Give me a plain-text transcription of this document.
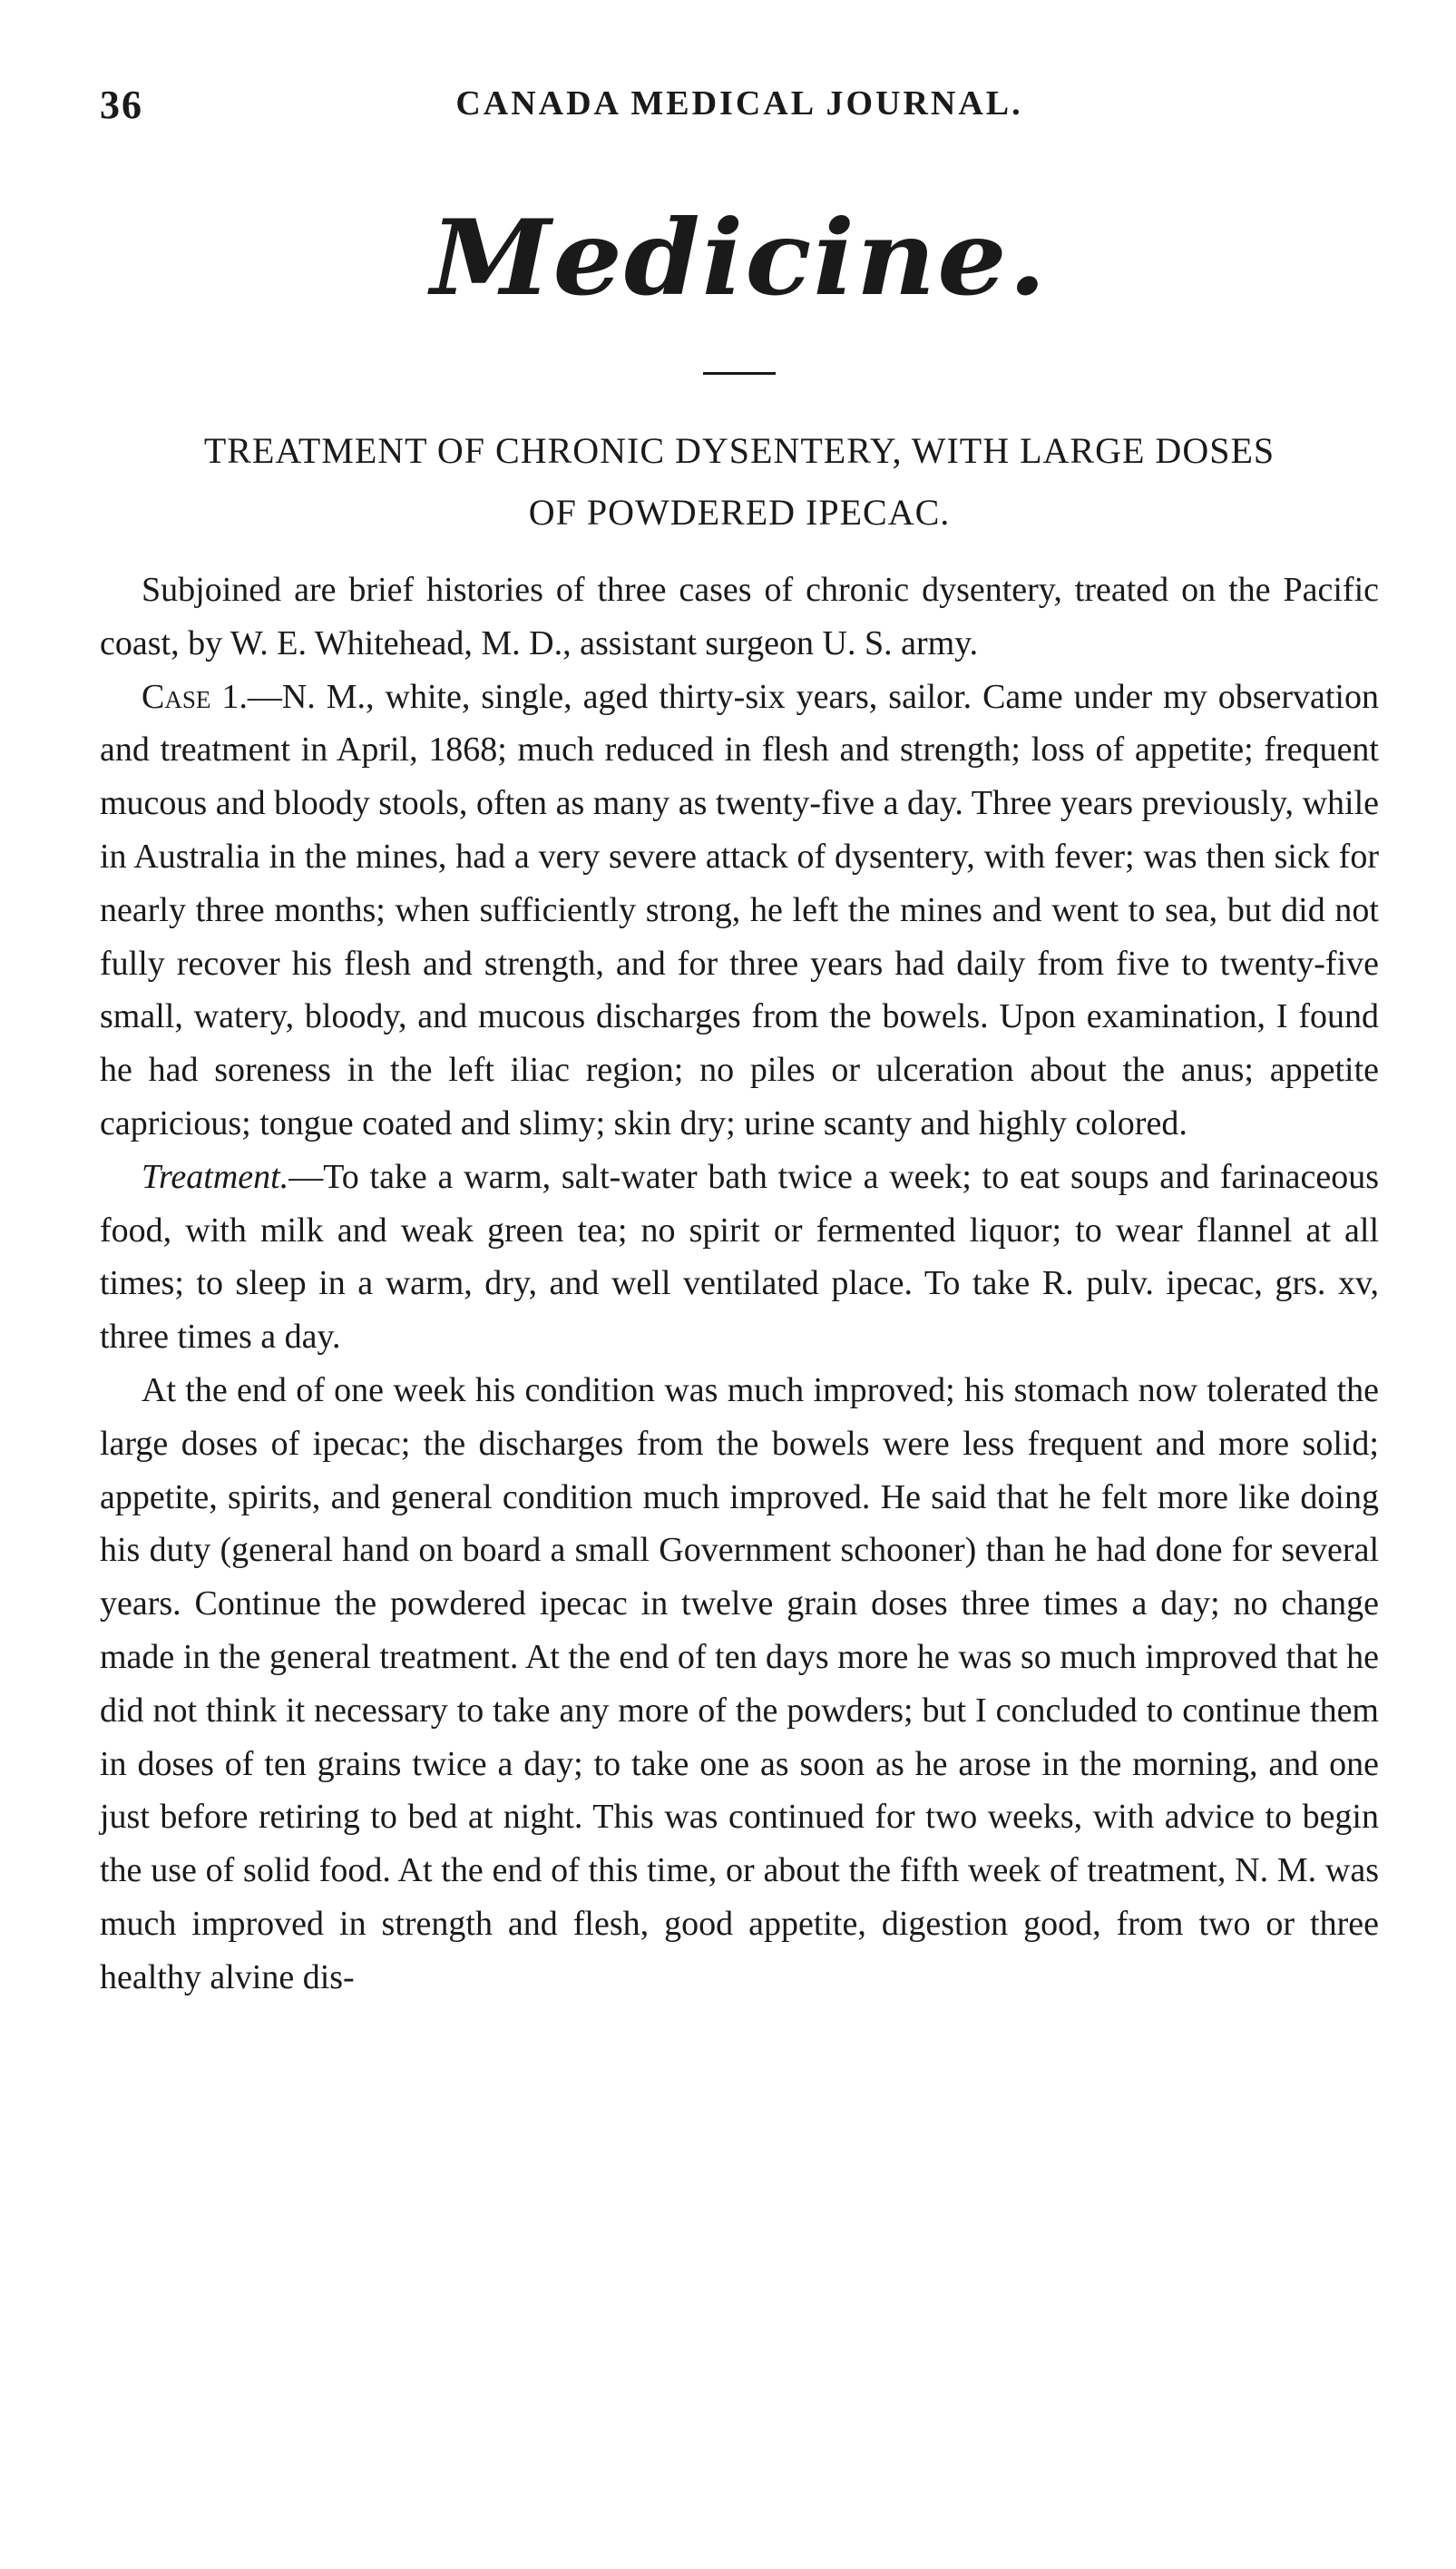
36	CANADA MEDICAL JOURNAL.
Medicine.
TREATMENT OF CHRONIC DYSENTERY, WITH LARGE DOSES
OF POWDERED IPECAC.

Subjoined are brief histories of three cases of chronic dysentery, treated on the Pacific coast, by W. E. Whitehead, M. D., assistant surgeon U. S. army.

Case 1.—N. M., white, single, aged thirty-six years, sailor. Came under my observation and treatment in April, 1868; much reduced in flesh and strength; loss of appetite; frequent mucous and bloody stools, often as many as twenty-five a day. Three years previously, while in Australia in the mines, had a very severe attack of dysentery, with fever; was then sick for nearly three months; when sufficiently strong, he left the mines and went to sea, but did not fully recover his flesh and strength, and for three years had daily from five to twenty-five small, watery, bloody, and mucous discharges from the bowels. Upon examination, I found he had soreness in the left iliac region; no piles or ulceration about the anus; appetite capricious; tongue coated and slimy; skin dry; urine scanty and highly colored.

Treatment.—To take a warm, salt-water bath twice a week; to eat soups and farinaceous food, with milk and weak green tea; no spirit or fermented liquor; to wear flannel at all times; to sleep in a warm, dry, and well ventilated place. To take R. pulv. ipecac, grs. xv, three times a day.

At the end of one week his condition was much improved; his stomach now tolerated the large doses of ipecac; the discharges from the bowels were less frequent and more solid; appetite, spirits, and general condition much improved. He said that he felt more like doing his duty (general hand on board a small Government schooner) than he had done for several years. Continue the powdered ipecac in twelve grain doses three times a day; no change made in the general treatment. At the end of ten days more he was so much improved that he did not think it necessary to take any more of the powders; but I concluded to continue them in doses of ten grains twice a day; to take one as soon as he arose in the morning, and one just before retiring to bed at night. This was continued for two weeks, with advice to begin the use of solid food. At the end of this time, or about the fifth week of treatment, N. M. was much improved in strength and flesh, good appetite, digestion good, from two or three healthy alvine dis-
